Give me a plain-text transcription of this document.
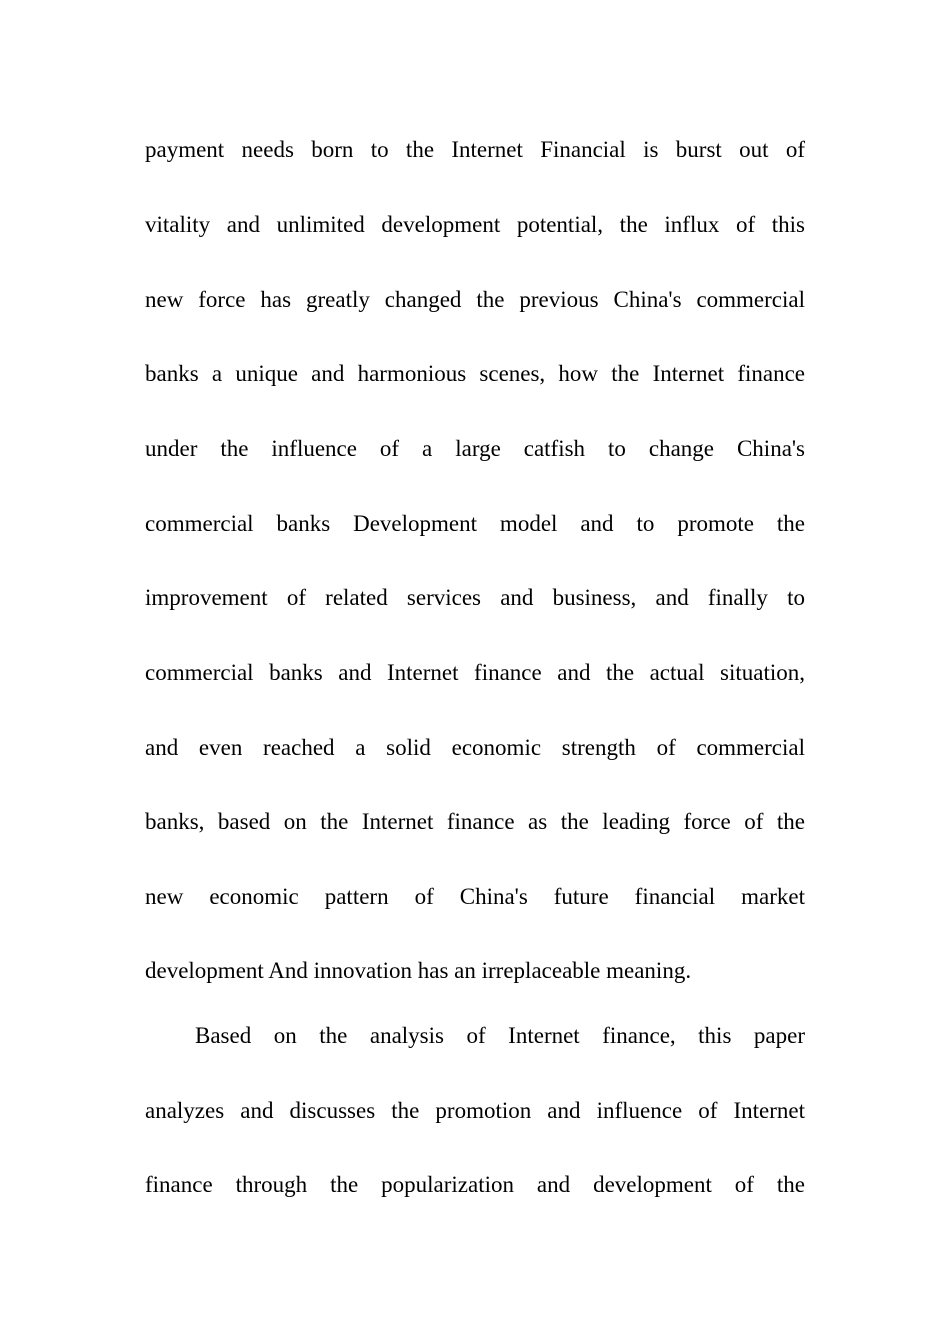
payment needs born to the Internet Financial is burst out of
vitality and unlimited development potential, the influx of this
new force has greatly changed the previous China's commercial
banks a unique and harmonious scenes, how the Internet finance
under the influence of a large catfish to change China's
commercial banks Development model and to promote the
improvement of related services and business, and finally to
commercial banks and Internet finance and the actual situation,
and even reached a solid economic strength of commercial
banks, based on the Internet finance as the leading force of the
new economic pattern of China's future financial market
development And innovation has an irreplaceable meaning.
Based on the analysis of Internet finance, this paper
analyzes and discusses the promotion and influence of Internet
finance through the popularization and development of the
